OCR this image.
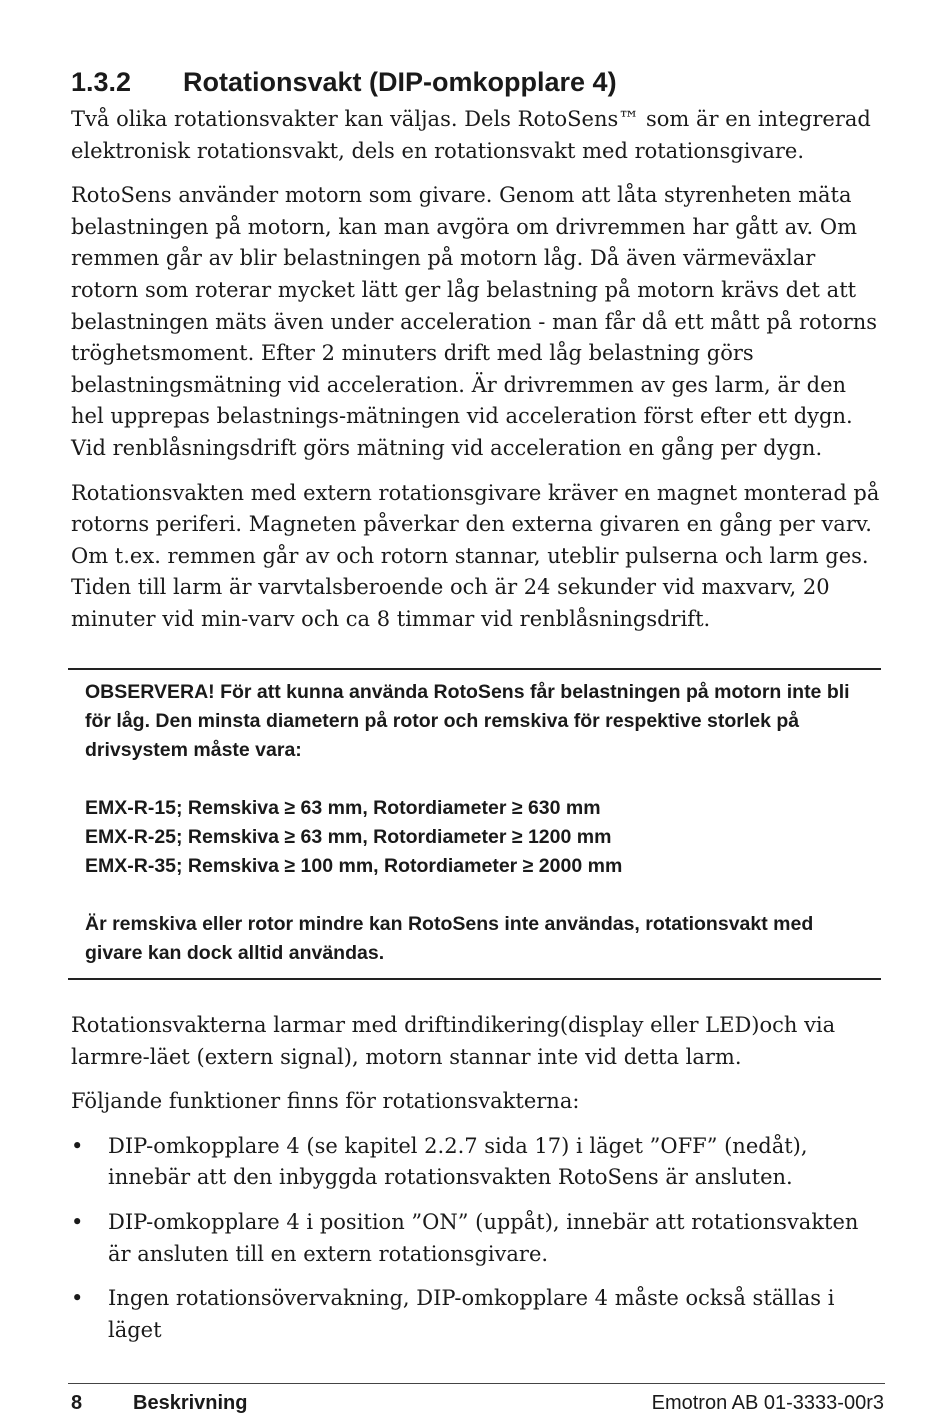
1.3.2 Rotationsvakt (DIP-omkopplare 4)

Två olika rotationsvakter kan väljas. Dels RotoSens™ som är en integrerad elektronisk rotationsvakt, dels en rotationsvakt med rotationsgivare.

RotoSens använder motorn som givare. Genom att låta styrenheten mäta belastningen på motorn, kan man avgöra om drivremmen har gått av. Om remmen går av blir belastningen på motorn låg. Då även värmeväxlar rotorn som roterar mycket lätt ger låg belastning på motorn krävs det att belastningen mäts även under acceleration - man får då ett mått på rotorns tröghetsmoment. Efter 2 minuters drift med låg belastning görs belastningsmätning vid acceleration. Är drivremmen av ges larm, är den hel upprepas belastnings-mätningen vid acceleration först efter ett dygn. Vid renblåsningsdrift görs mätning vid acceleration en gång per dygn.

Rotationsvakten med extern rotationsgivare kräver en magnet monterad på rotorns periferi. Magneten påverkar den externa givaren en gång per varv. Om t.ex. remmen går av och rotorn stannar, uteblir pulserna och larm ges. Tiden till larm är varvtalsberoende och är 24 sekunder vid maxvarv, 20 minuter vid min-varv och ca 8 timmar vid renblåsningsdrift.

OBSERVERA! För att kunna använda RotoSens får belastningen på motorn inte bli för låg. Den minsta diametern på rotor och remskiva för respektive storlek på drivsystem måste vara:

EMX-R-15; Remskiva ≥ 63 mm, Rotordiameter ≥ 630 mm
EMX-R-25; Remskiva ≥ 63 mm, Rotordiameter ≥ 1200 mm
EMX-R-35; Remskiva ≥ 100 mm, Rotordiameter ≥ 2000 mm

Är remskiva eller rotor mindre kan RotoSens inte användas, rotationsvakt med givare kan dock alltid användas.

Rotationsvakterna larmar med driftindikering(display eller LED)och via larmre-läet (extern signal), motorn stannar inte vid detta larm.

Följande funktioner finns för rotationsvakterna:

• DIP-omkopplare 4 (se kapitel 2.2.7 sida 17) i läget ”OFF” (nedåt), innebär att den inbyggda rotationsvakten RotoSens är ansluten.
• DIP-omkopplare 4 i position ”ON” (uppåt), innebär att rotationsvakten är ansluten till en extern rotationsgivare.
• Ingen rotationsövervakning, DIP-omkopplare 4 måste också ställas i läget
8	Beskrivning	Emotron AB 01-3333-00r3
